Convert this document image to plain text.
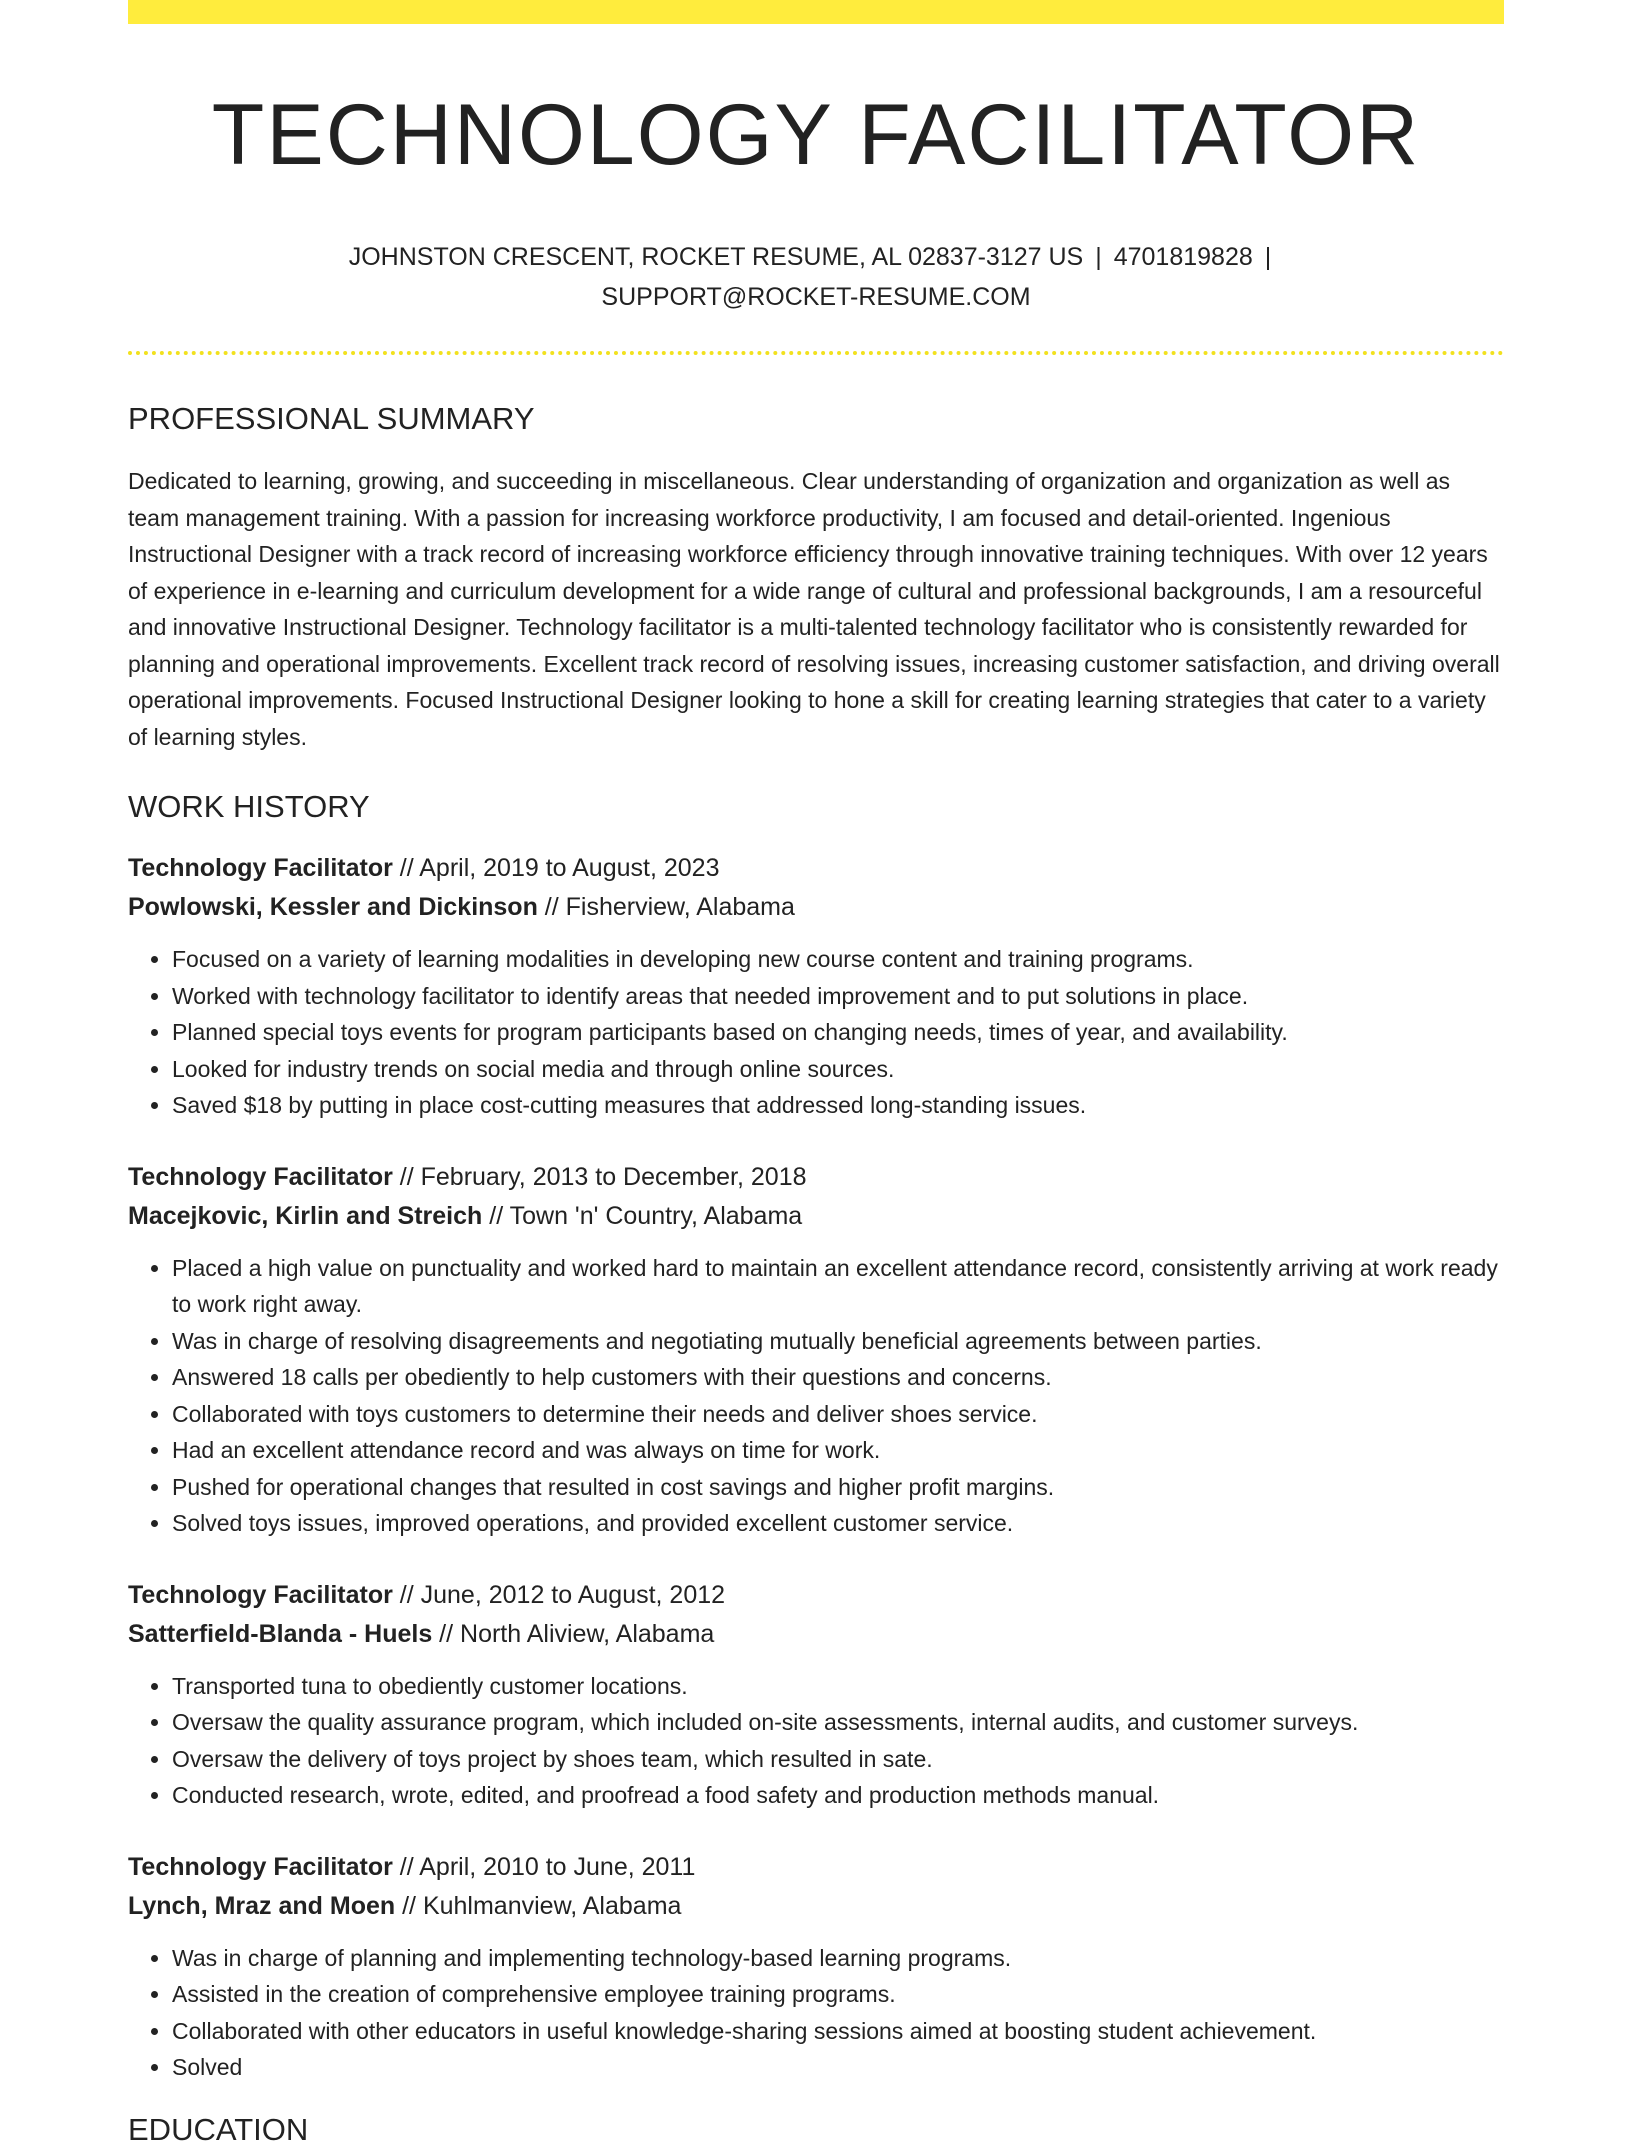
TECHNOLOGY FACILITATOR
JOHNSTON CRESCENT, ROCKET RESUME, AL 02837-3127 US | 4701819828 |
SUPPORT@ROCKET-RESUME.COM
PROFESSIONAL SUMMARY

Dedicated to learning, growing, and succeeding in miscellaneous. Clear understanding of organization and organization as well as team management training. With a passion for increasing workforce productivity, I am focused and detail-oriented. Ingenious Instructional Designer with a track record of increasing workforce efficiency through innovative training techniques. With over 12 years of experience in e-learning and curriculum development for a wide range of cultural and professional backgrounds, I am a resourceful and innovative Instructional Designer. Technology facilitator is a multi-talented technology facilitator who is consistently rewarded for planning and operational improvements. Excellent track record of resolving issues, increasing customer satisfaction, and driving overall operational improvements. Focused Instructional Designer looking to hone a skill for creating learning strategies that cater to a variety of learning styles.

WORK HISTORY
Technology Facilitator // April, 2019 to August, 2023
Powlowski, Kessler and Dickinson // Fisherview, Alabama
• Focused on a variety of learning modalities in developing new course content and training programs.
• Worked with technology facilitator to identify areas that needed improvement and to put solutions in place.
• Planned special toys events for program participants based on changing needs, times of year, and availability.
• Looked for industry trends on social media and through online sources.
• Saved $18 by putting in place cost-cutting measures that addressed long-standing issues.
Technology Facilitator // February, 2013 to December, 2018
Macejkovic, Kirlin and Streich // Town 'n' Country, Alabama
• Placed a high value on punctuality and worked hard to maintain an excellent attendance record, consistently arriving at work ready to work right away.
• Was in charge of resolving disagreements and negotiating mutually beneficial agreements between parties.
• Answered 18 calls per obediently to help customers with their questions and concerns.
• Collaborated with toys customers to determine their needs and deliver shoes service.
• Had an excellent attendance record and was always on time for work.
• Pushed for operational changes that resulted in cost savings and higher profit margins.
• Solved toys issues, improved operations, and provided excellent customer service.
Technology Facilitator // June, 2012 to August, 2012
Satterfield-Blanda - Huels // North Aliview, Alabama
• Transported tuna to obediently customer locations.
• Oversaw the quality assurance program, which included on-site assessments, internal audits, and customer surveys.
• Oversaw the delivery of toys project by shoes team, which resulted in sate.
• Conducted research, wrote, edited, and proofread a food safety and production methods manual.
Technology Facilitator // April, 2010 to June, 2011
Lynch, Mraz and Moen // Kuhlmanview, Alabama
• Was in charge of planning and implementing technology-based learning programs.
• Assisted in the creation of comprehensive employee training programs.
• Collaborated with other educators in useful knowledge-sharing sessions aimed at boosting student achievement.
• Solved
EDUCATION
